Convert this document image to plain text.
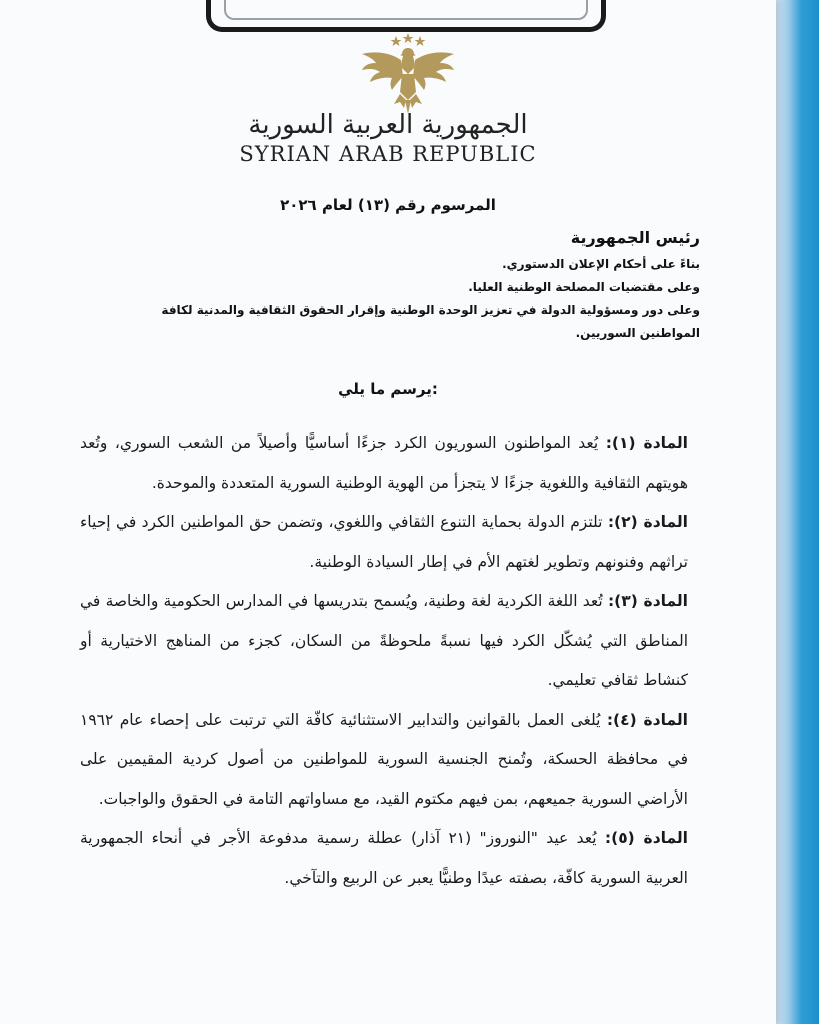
الجمهورية العربية السورية
SYRIAN ARAB REPUBLIC
المرسوم رقم (١٣) لعام ٢٠٢٦
رئيس الجمهورية
بناءً على أحكام الإعلان الدستوري.
وعلى مقتضيات المصلحة الوطنية العليا.
وعلى دور ومسؤولية الدولة في تعزيز الوحدة الوطنية وإقرار الحقوق الثقافية والمدنية لكافة المواطنين السوريين.
يرسم ما يلي:

المادة (١): يُعد المواطنون السوريون الكرد جزءًا أساسيًّا وأصيلاً من الشعب السوري، وتُعد هويتهم الثقافية واللغوية جزءًا لا يتجزأ من الهوية الوطنية السورية المتعددة والموحدة.

المادة (٢): تلتزم الدولة بحماية التنوع الثقافي واللغوي، وتضمن حق المواطنين الكرد في إحياء تراثهم وفنونهم وتطوير لغتهم الأم في إطار السيادة الوطنية.

المادة (٣): تُعد اللغة الكردية لغة وطنية، ويُسمح بتدريسها في المدارس الحكومية والخاصة في المناطق التي يُشكّل الكرد فيها نسبةً ملحوظةً من السكان، كجزء من المناهج الاختيارية أو كنشاط ثقافي تعليمي.

المادة (٤): يُلغى العمل بالقوانين والتدابير الاستثنائية كافّة التي ترتبت على إحصاء عام ١٩٦٢ في محافظة الحسكة، وتُمنح الجنسية السورية للمواطنين من أصول كردية المقيمين على الأراضي السورية جميعهم، بمن فيهم مكتوم القيد، مع مساواتهم التامة في الحقوق والواجبات.

المادة (٥): يُعد عيد "النوروز" (٢١ آذار) عطلة رسمية مدفوعة الأجر في أنحاء الجمهورية العربية السورية كافّة، بصفته عيدًا وطنيًّا يعبر عن الربيع والتآخي.
